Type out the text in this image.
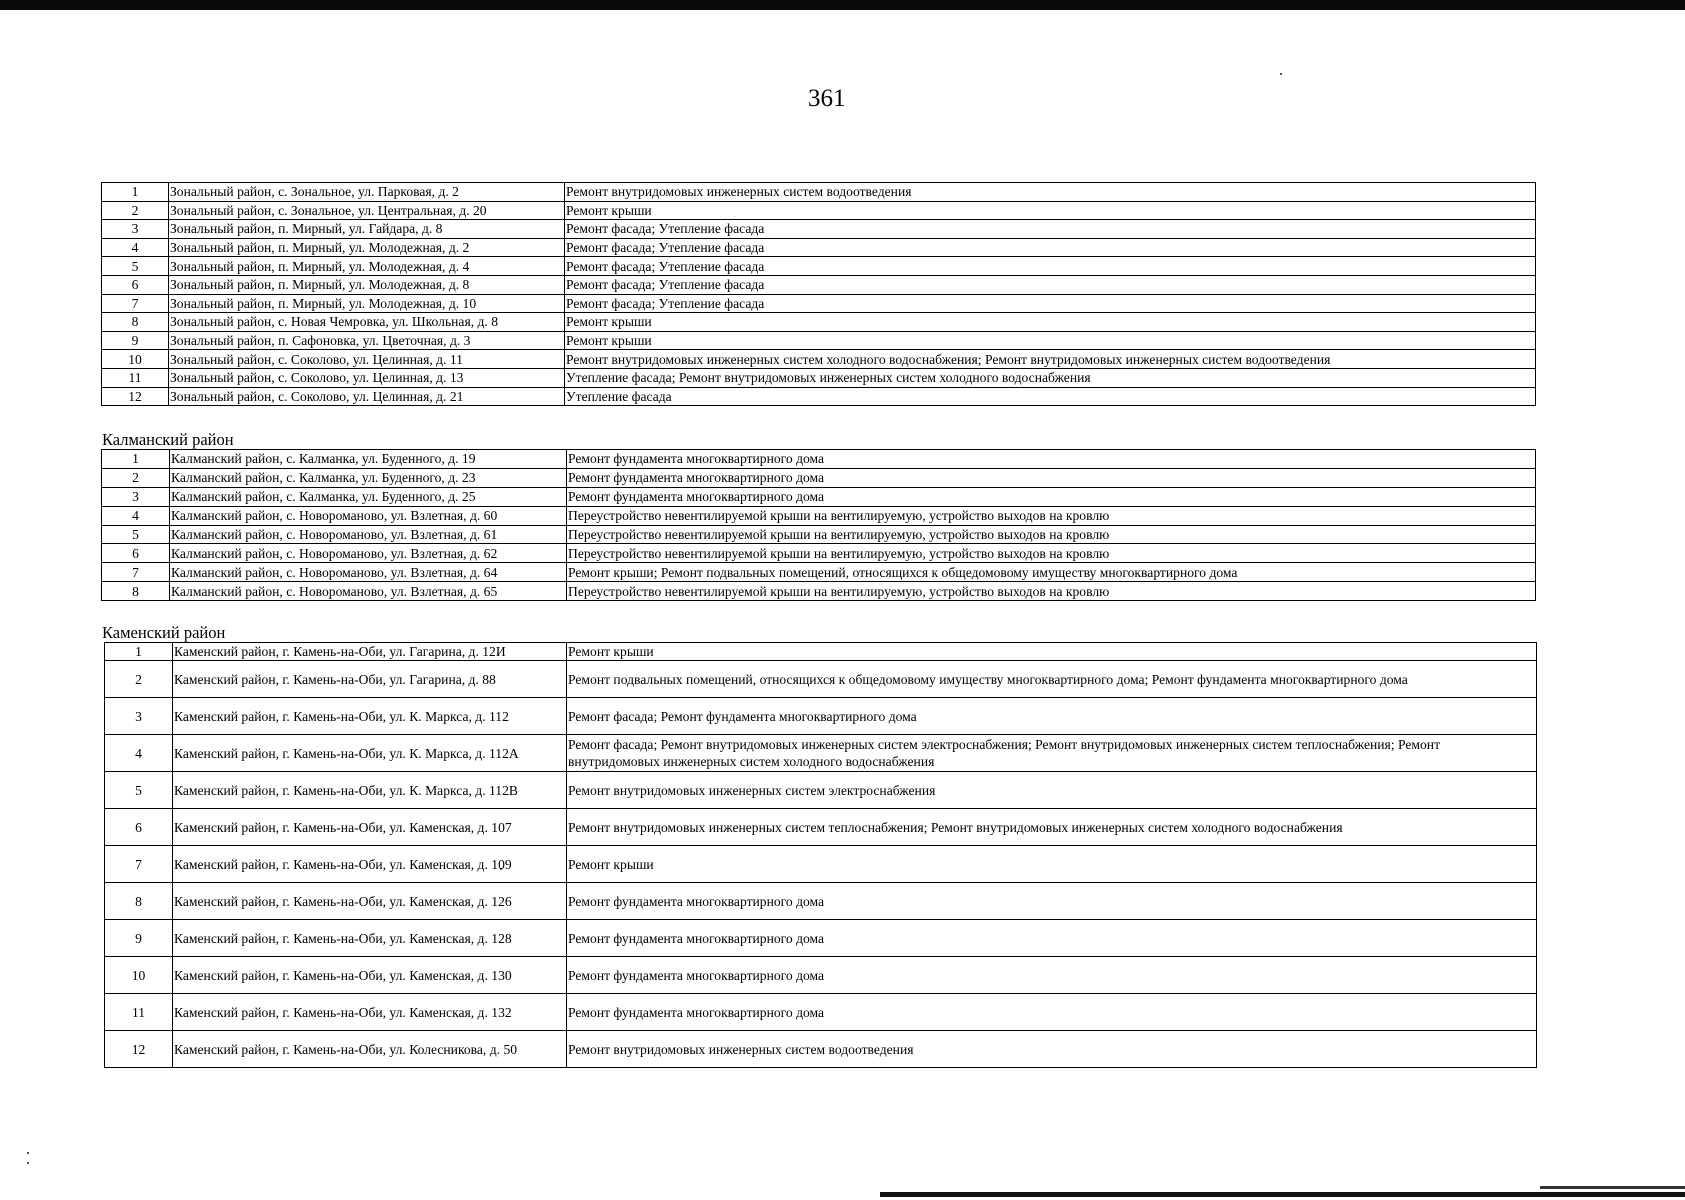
361
1	Зональный район, с. Зональное, ул. Парковая, д. 2	Ремонт внутридомовых инженерных систем водоотведения
2	Зональный район, с. Зональное, ул. Центральная, д. 20	Ремонт крыши
3	Зональный район, п. Мирный, ул. Гайдара, д. 8	Ремонт фасада; Утепление фасада
4	Зональный район, п. Мирный, ул. Молодежная, д. 2	Ремонт фасада; Утепление фасада
5	Зональный район, п. Мирный, ул. Молодежная, д. 4	Ремонт фасада; Утепление фасада
6	Зональный район, п. Мирный, ул. Молодежная, д. 8	Ремонт фасада; Утепление фасада
7	Зональный район, п. Мирный, ул. Молодежная, д. 10	Ремонт фасада; Утепление фасада
8	Зональный район, с. Новая Чемровка, ул. Школьная, д. 8	Ремонт крыши
9	Зональный район, п. Сафоновка, ул. Цветочная, д. 3	Ремонт крыши
10	Зональный район, с. Соколово, ул. Целинная, д. 11	Ремонт внутридомовых инженерных систем холодного водоснабжения; Ремонт внутридомовых инженерных систем водоотведения
11	Зональный район, с. Соколово, ул. Целинная, д. 13	Утепление фасада; Ремонт внутридомовых инженерных систем холодного водоснабжения
12	Зональный район, с. Соколово, ул. Целинная, д. 21	Утепление фасада
Калманский район
1	Калманский район, с. Калманка, ул. Буденного, д. 19	Ремонт фундамента многоквартирного дома
2	Калманский район, с. Калманка, ул. Буденного, д. 23	Ремонт фундамента многоквартирного дома
3	Калманский район, с. Калманка, ул. Буденного, д. 25	Ремонт фундамента многоквартирного дома
4	Калманский район, с. Новороманово, ул. Взлетная, д. 60	Переустройство невентилируемой крыши на вентилируемую, устройство выходов на кровлю
5	Калманский район, с. Новороманово, ул. Взлетная, д. 61	Переустройство невентилируемой крыши на вентилируемую, устройство выходов на кровлю
6	Калманский район, с. Новороманово, ул. Взлетная, д. 62	Переустройство невентилируемой крыши на вентилируемую, устройство выходов на кровлю
7	Калманский район, с. Новороманово, ул. Взлетная, д. 64	Ремонт крыши; Ремонт подвальных помещений, относящихся к общедомовому имуществу многоквартирного дома
8	Калманский район, с. Новороманово, ул. Взлетная, д. 65	Переустройство невентилируемой крыши на вентилируемую, устройство выходов на кровлю
Каменский район
1	Каменский район, г. Камень-на-Оби, ул. Гагарина, д. 12И	Ремонт крыши
2	Каменский район, г. Камень-на-Оби, ул. Гагарина, д. 88	Ремонт подвальных помещений, относящихся к общедомовому имуществу многоквартирного дома; Ремонт фундамента многоквартирного дома
3	Каменский район, г. Камень-на-Оби, ул. К. Маркса, д. 112	Ремонт фасада; Ремонт фундамента многоквартирного дома
4	Каменский район, г. Камень-на-Оби, ул. К. Маркса, д. 112А	Ремонт фасада; Ремонт внутридомовых инженерных систем электроснабжения; Ремонт внутридомовых инженерных систем теплоснабжения; Ремонт внутридомовых инженерных систем холодного водоснабжения
5	Каменский район, г. Камень-на-Оби, ул. К. Маркса, д. 112В	Ремонт внутридомовых инженерных систем электроснабжения
6	Каменский район, г. Камень-на-Оби, ул. Каменская, д. 107	Ремонт внутридомовых инженерных систем теплоснабжения; Ремонт внутридомовых инженерных систем холодного водоснабжения
7	Каменский район, г. Камень-на-Оби, ул. Каменская, д. 109	Ремонт крыши
8	Каменский район, г. Камень-на-Оби, ул. Каменская, д. 126	Ремонт фундамента многоквартирного дома
9	Каменский район, г. Камень-на-Оби, ул. Каменская, д. 128	Ремонт фундамента многоквартирного дома
10	Каменский район, г. Камень-на-Оби, ул. Каменская, д. 130	Ремонт фундамента многоквартирного дома
11	Каменский район, г. Камень-на-Оби, ул. Каменская, д. 132	Ремонт фундамента многоквартирного дома
12	Каменский район, г. Камень-на-Оби, ул. Колесникова, д. 50	Ремонт внутридомовых инженерных систем водоотведения
